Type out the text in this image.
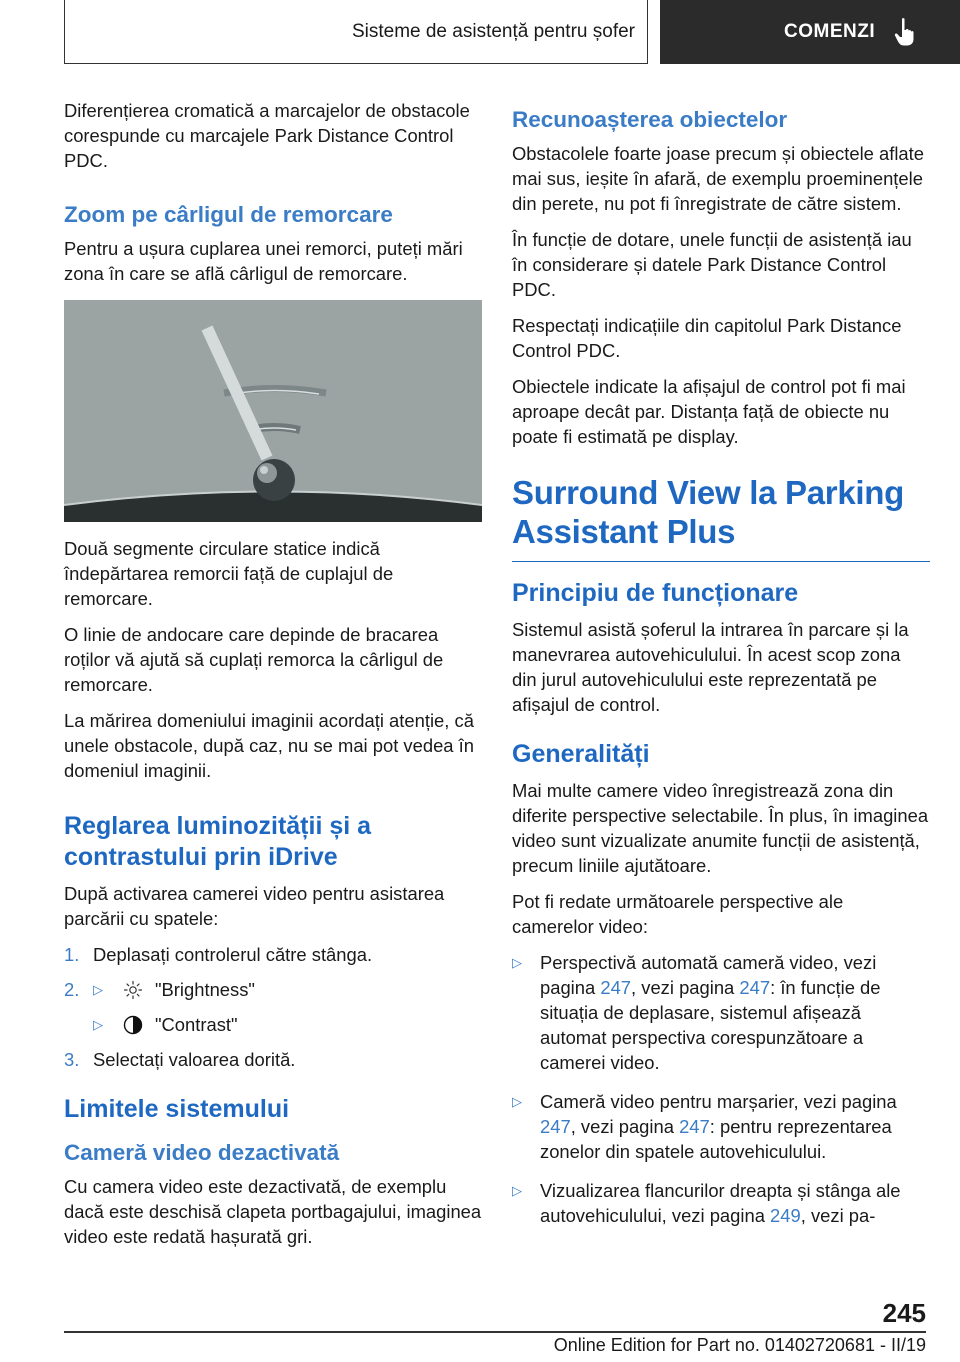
Sisteme de asistență pentru șofer	COMENZI

Diferențierea cromatică a marcajelor de obstacole corespunde cu marcajele Park Distance Control PDC.

Zoom pe cârligul de remorcare

Pentru a ușura cuplarea unei remorci, puteți mări zona în care se află cârligul de remorcare.

Două segmente circulare statice indică îndepărtarea remorcii față de cuplajul de remorcare.

O linie de andocare care depinde de bracarea roților vă ajută să cuplați remorca la cârligul de remorcare.

La mărirea domeniului imaginii acordați atenție, că unele obstacole, după caz, nu se mai pot vedea în domeniul imaginii.

Reglarea luminozității și a contrastului prin iDrive

După activarea camerei video pentru asistarea parcării cu spatele:

1. Deplasați controlerul către stânga.
2.	▷	"Brightness"
▷	"Contrast"
3. Selectați valoarea dorită.
Limitele sistemului
Cameră video dezactivată

Cu camera video este dezactivată, de exemplu dacă este deschisă clapeta portbagajului, imaginea video este redată hașurată gri.

Recunoașterea obiectelor

Obstacolele foarte joase precum și obiectele aflate mai sus, ieșite în afară, de exemplu proeminențele din perete, nu pot fi înregistrate de către sistem.

În funcție de dotare, unele funcții de asistență iau în considerare și datele Park Distance Control PDC.

Respectați indicațiile din capitolul Park Distance Control PDC.

Obiectele indicate la afișajul de control pot fi mai aproape decât par. Distanța față de obiecte nu poate fi estimată pe display.

Surround View la Parking Assistant Plus
Principiu de funcționare

Sistemul asistă șoferul la intrarea în parcare și la manevrarea autovehiculului. În acest scop zona din jurul autovehiculului este reprezentată pe afișajul de control.

Generalități

Mai multe camere video înregistrează zona din diferite perspective selectabile. În plus, în imaginea video sunt vizualizate anumite funcții de asistență, precum liniile ajutătoare.

Pot fi redate următoarele perspective ale camerelor video:

▷ Perspectivă automată cameră video, vezi pagina 247, vezi pagina 247: în funcție de situația de deplasare, sistemul afișează automat perspectiva corespunzătoare a camerei video.
▷ Cameră video pentru marșarier, vezi pagina 247, vezi pagina 247: pentru reprezentarea zonelor din spatele autovehiculului.
▷ Vizualizarea flancurilor dreapta și stânga ale autovehiculului, vezi pagina 249, vezi pa-
245
Online Edition for Part no. 01402720681 - II/19
